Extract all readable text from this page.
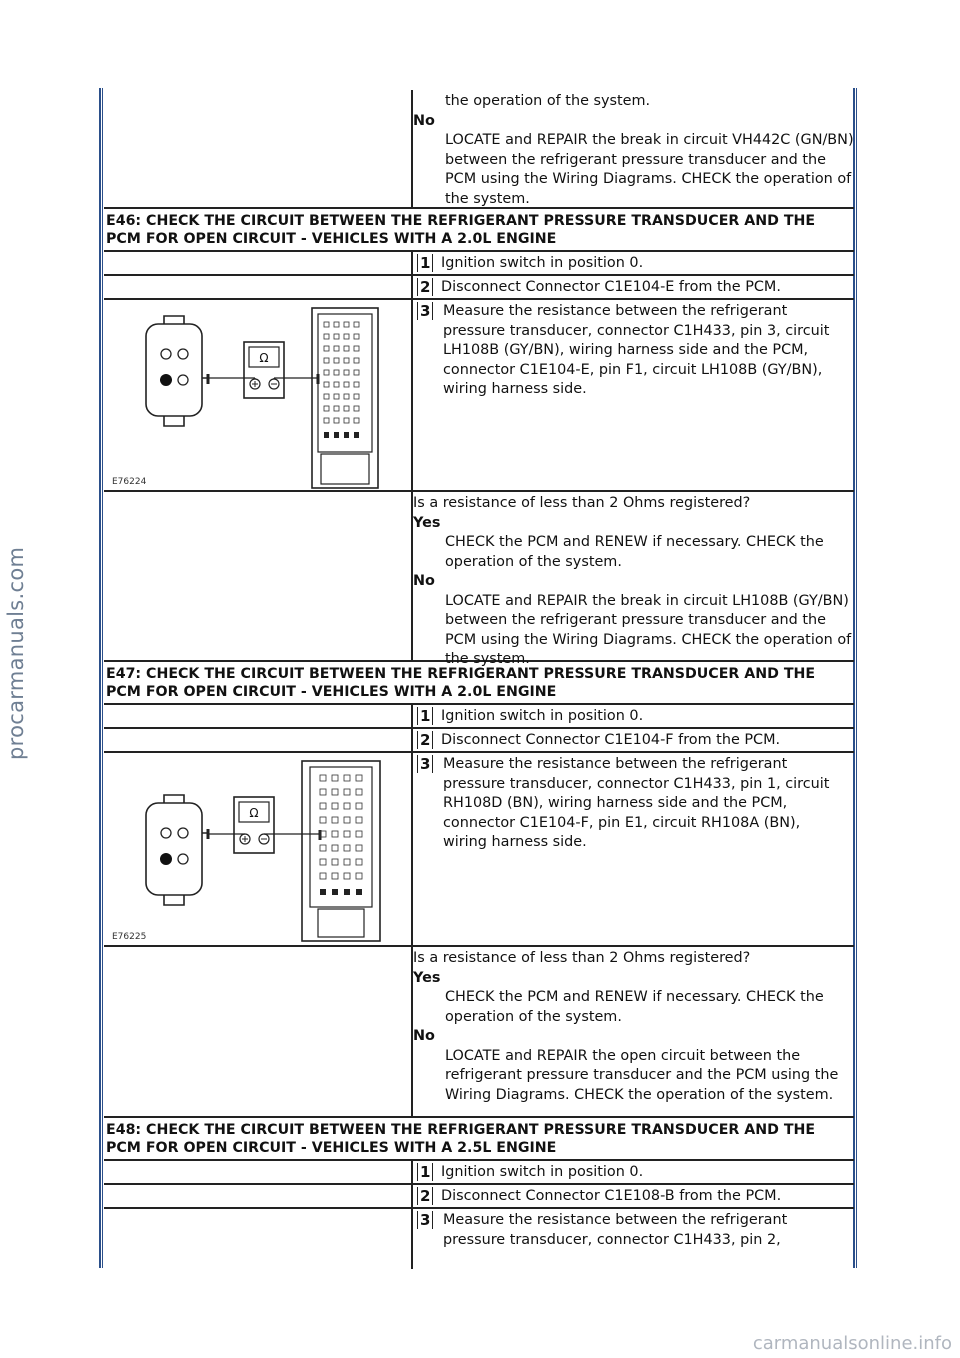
procarmanuals.com
carmanualsonline.info
the operation of the system.
No
LOCATE and REPAIR the break in circuit VH442C (GN/BN) between the refrigerant pressure transducer and the PCM using the Wiring Diagrams. CHECK the operation of the system.
E46: CHECK THE CIRCUIT BETWEEN THE REFRIGERANT PRESSURE TRANSDUCER AND THE PCM FOR OPEN CIRCUIT - VEHICLES WITH A 2.0L ENGINE
1 Ignition switch in position 0.
2 Disconnect Connector C1E104-E from the PCM.
Ω
E76224
3 Measure the resistance between the refrigerant pressure transducer, connector C1H433, pin 3, circuit LH108B (GY/BN), wiring harness side and the PCM, connector C1E104-E, pin F1, circuit LH108B (GY/BN), wiring harness side.
Is a resistance of less than 2 Ohms registered?
Yes
CHECK the PCM and RENEW if necessary. CHECK the operation of the system.
No
LOCATE and REPAIR the break in circuit LH108B (GY/BN) between the refrigerant pressure transducer and the PCM using the Wiring Diagrams. CHECK the operation of the system.
E47: CHECK THE CIRCUIT BETWEEN THE REFRIGERANT PRESSURE TRANSDUCER AND THE PCM FOR OPEN CIRCUIT - VEHICLES WITH A 2.0L ENGINE
1 Ignition switch in position 0.
2 Disconnect Connector C1E104-F from the PCM.
Ω
E76225
3 Measure the resistance between the refrigerant pressure transducer, connector C1H433, pin 1, circuit RH108D (BN), wiring harness side and the PCM, connector C1E104-F, pin E1, circuit RH108A (BN), wiring harness side.
Is a resistance of less than 2 Ohms registered?
Yes
CHECK the PCM and RENEW if necessary. CHECK the operation of the system.
No
LOCATE and REPAIR the open circuit between the refrigerant pressure transducer and the PCM using the Wiring Diagrams. CHECK the operation of the system.
E48: CHECK THE CIRCUIT BETWEEN THE REFRIGERANT PRESSURE TRANSDUCER AND THE PCM FOR OPEN CIRCUIT - VEHICLES WITH A 2.5L ENGINE
1 Ignition switch in position 0.
2 Disconnect Connector C1E108-B from the PCM.
3 Measure the resistance between the refrigerant pressure transducer, connector C1H433, pin 2,
